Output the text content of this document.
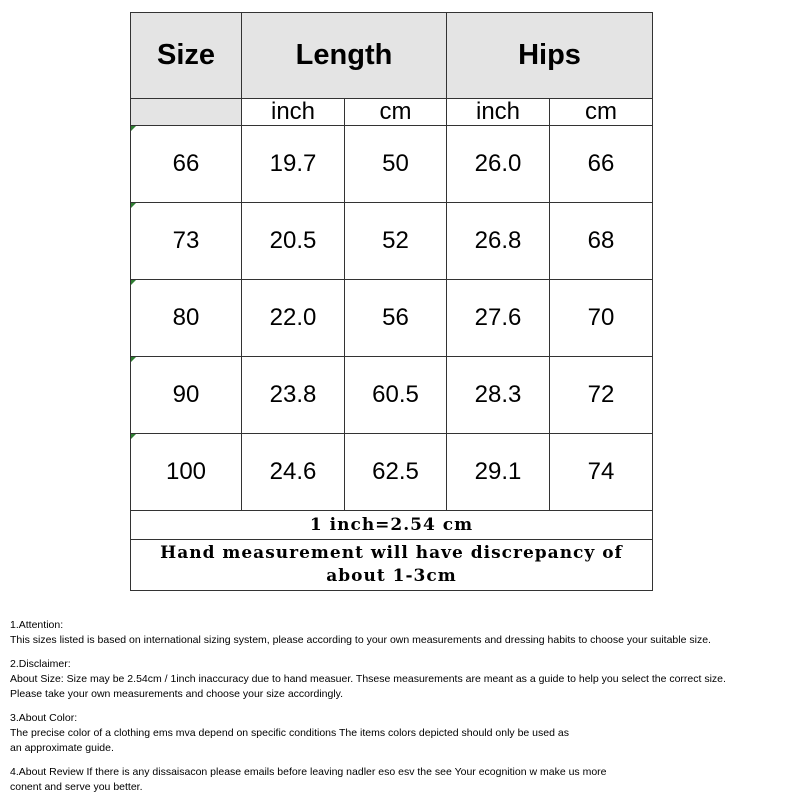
Size	Length		Hips	
	inch	cm	inch	cm
66	19.7	50	26.0	66
73	20.5	52	26.8	68
80	22.0	56	27.6	70
90	23.8	60.5	28.3	72
100	24.6	62.5	29.1	74
1 inch=2.54 cm				
Hand measurement will have discrepancy of about 1-3cm				

1.Attention:

This sizes listed is based on international sizing system, please according to your own measurements and dressing habits to choose your suitable size.

2.Disclaimer:

About Size: Size may be 2.54cm / 1inch inaccuracy due to hand measuer. Thsese measurements are meant as a guide to help you select the correct size.

Please take your own measurements and choose your size accordingly.

3.About Color:

The precise color of a clothing ems mva depend on specific conditions The items colors depicted should only be used as

an approximate guide.

4.About Review If there is any dissaisacon please emails before leaving nadler eso esv the see Your ecognition w make us more

conent and serve you better.
